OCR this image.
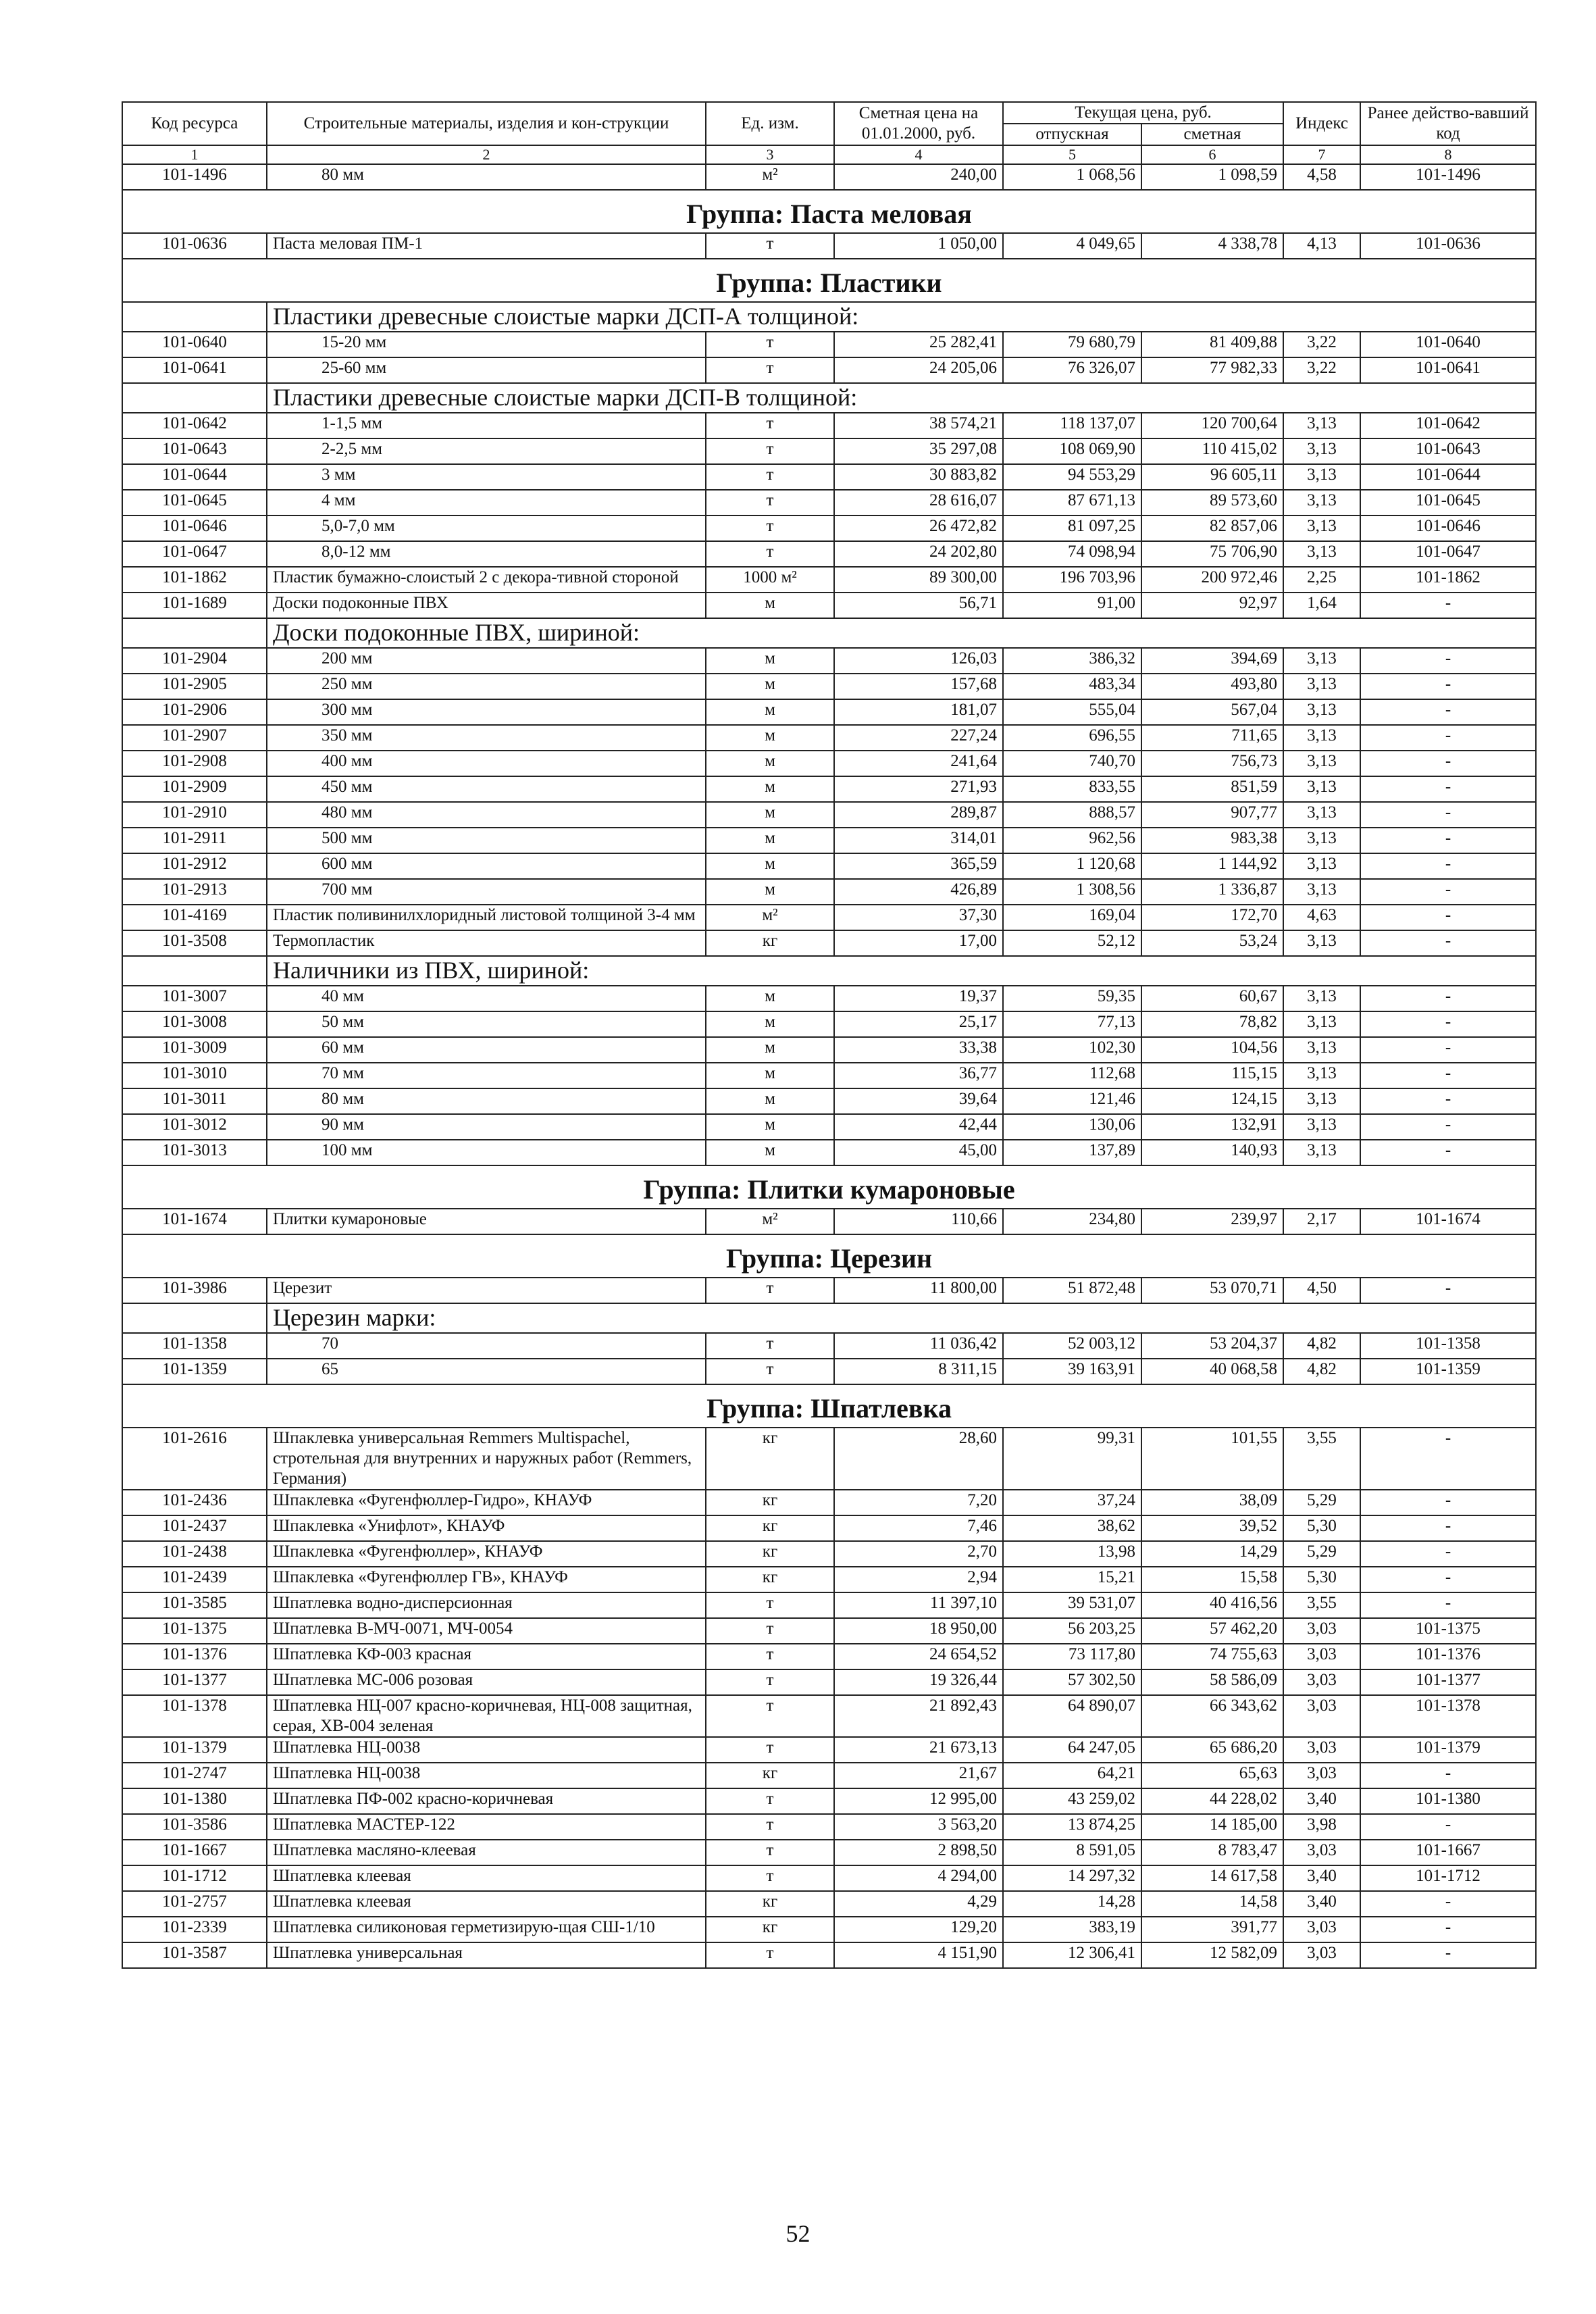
Код ресурса	Строительные материалы, изделия и кон-струкции	Ед. изм.	Сметная цена на 01.01.2000, руб.	Текущая цена, руб.		Индекс	Ранее действо-вавший код
				отпускная	сметная		
1	2	3	4	5	6	7	8
101-1496	80 мм	м²	240,00	1 068,56	1 098,59	4,58	101-1496
Группа: Паста меловая							
101-0636	Паста меловая ПМ-1	т	1 050,00	4 049,65	4 338,78	4,13	101-0636
Группа: Пластики							
	Пластики древесные слоистые марки ДСП-А толщиной:						
101-0640	15-20 мм	т	25 282,41	79 680,79	81 409,88	3,22	101-0640
101-0641	25-60 мм	т	24 205,06	76 326,07	77 982,33	3,22	101-0641
	Пластики древесные слоистые марки ДСП-В толщиной:						
101-0642	1-1,5 мм	т	38 574,21	118 137,07	120 700,64	3,13	101-0642
101-0643	2-2,5 мм	т	35 297,08	108 069,90	110 415,02	3,13	101-0643
101-0644	3 мм	т	30 883,82	94 553,29	96 605,11	3,13	101-0644
101-0645	4 мм	т	28 616,07	87 671,13	89 573,60	3,13	101-0645
101-0646	5,0-7,0 мм	т	26 472,82	81 097,25	82 857,06	3,13	101-0646
101-0647	8,0-12 мм	т	24 202,80	74 098,94	75 706,90	3,13	101-0647
101-1862	Пластик бумажно-слоистый 2 с декора-тивной стороной	1000 м²	89 300,00	196 703,96	200 972,46	2,25	101-1862
101-1689	Доски подоконные ПВХ	м	56,71	91,00	92,97	1,64	-
	Доски подоконные ПВХ, шириной:						
101-2904	200 мм	м	126,03	386,32	394,69	3,13	-
101-2905	250 мм	м	157,68	483,34	493,80	3,13	-
101-2906	300 мм	м	181,07	555,04	567,04	3,13	-
101-2907	350 мм	м	227,24	696,55	711,65	3,13	-
101-2908	400 мм	м	241,64	740,70	756,73	3,13	-
101-2909	450 мм	м	271,93	833,55	851,59	3,13	-
101-2910	480 мм	м	289,87	888,57	907,77	3,13	-
101-2911	500 мм	м	314,01	962,56	983,38	3,13	-
101-2912	600 мм	м	365,59	1 120,68	1 144,92	3,13	-
101-2913	700 мм	м	426,89	1 308,56	1 336,87	3,13	-
101-4169	Пластик поливинилхлоридный листовой толщиной 3-4 мм	м²	37,30	169,04	172,70	4,63	-
101-3508	Термопластик	кг	17,00	52,12	53,24	3,13	-
	Наличники из ПВХ, шириной:						
101-3007	40 мм	м	19,37	59,35	60,67	3,13	-
101-3008	50 мм	м	25,17	77,13	78,82	3,13	-
101-3009	60 мм	м	33,38	102,30	104,56	3,13	-
101-3010	70 мм	м	36,77	112,68	115,15	3,13	-
101-3011	80 мм	м	39,64	121,46	124,15	3,13	-
101-3012	90 мм	м	42,44	130,06	132,91	3,13	-
101-3013	100 мм	м	45,00	137,89	140,93	3,13	-
Группа: Плитки кумароновые							
101-1674	Плитки кумароновые	м²	110,66	234,80	239,97	2,17	101-1674
Группа: Церезин							
101-3986	Церезит	т	11 800,00	51 872,48	53 070,71	4,50	-
	Церезин марки:						
101-1358	70	т	11 036,42	52 003,12	53 204,37	4,82	101-1358
101-1359	65	т	8 311,15	39 163,91	40 068,58	4,82	101-1359
Группа: Шпатлевка							
101-2616	Шпаклевка универсальная Remmers Multispachel, стротельная для внутренних и наружных работ (Remmers, Германия)	кг	28,60	99,31	101,55	3,55	-
101-2436	Шпаклевка «Фугенфюллер-Гидро», КНАУФ	кг	7,20	37,24	38,09	5,29	-
101-2437	Шпаклевка «Унифлот», КНАУФ	кг	7,46	38,62	39,52	5,30	-
101-2438	Шпаклевка «Фугенфюллер», КНАУФ	кг	2,70	13,98	14,29	5,29	-
101-2439	Шпаклевка «Фугенфюллер ГВ», КНАУФ	кг	2,94	15,21	15,58	5,30	-
101-3585	Шпатлевка водно-дисперсионная	т	11 397,10	39 531,07	40 416,56	3,55	-
101-1375	Шпатлевка В-МЧ-0071, МЧ-0054	т	18 950,00	56 203,25	57 462,20	3,03	101-1375
101-1376	Шпатлевка КФ-003 красная	т	24 654,52	73 117,80	74 755,63	3,03	101-1376
101-1377	Шпатлевка МС-006 розовая	т	19 326,44	57 302,50	58 586,09	3,03	101-1377
101-1378	Шпатлевка НЦ-007 красно-коричневая, НЦ-008 защитная, серая, ХВ-004 зеленая	т	21 892,43	64 890,07	66 343,62	3,03	101-1378
101-1379	Шпатлевка НЦ-0038	т	21 673,13	64 247,05	65 686,20	3,03	101-1379
101-2747	Шпатлевка НЦ-0038	кг	21,67	64,21	65,63	3,03	-
101-1380	Шпатлевка ПФ-002 красно-коричневая	т	12 995,00	43 259,02	44 228,02	3,40	101-1380
101-3586	Шпатлевка МАСТЕР-122	т	3 563,20	13 874,25	14 185,00	3,98	-
101-1667	Шпатлевка масляно-клеевая	т	2 898,50	8 591,05	8 783,47	3,03	101-1667
101-1712	Шпатлевка клеевая	т	4 294,00	14 297,32	14 617,58	3,40	101-1712
101-2757	Шпатлевка клеевая	кг	4,29	14,28	14,58	3,40	-
101-2339	Шпатлевка силиконовая герметизирую-щая СШ-1/10	кг	129,20	383,19	391,77	3,03	-
101-3587	Шпатлевка универсальная	т	4 151,90	12 306,41	12 582,09	3,03	-
52
